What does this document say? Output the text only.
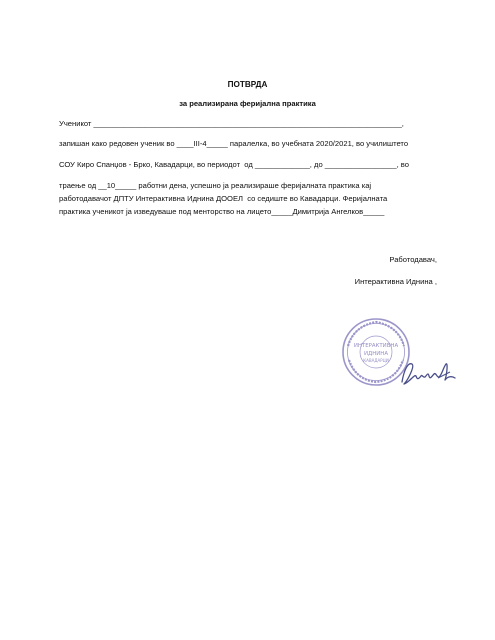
ПОТВРДА

за реализирана феријална практика

Ученикот _________________________________________________________________________,

запишан како редовен ученик во ____III-4_____ паралелка, во учебната 2020/2021, во училиштето

СОУ Киро Спанџов - Брко, Кавадарци, во периодот  од _____________, до _________________, во

траење од __10_____ работни дена, успешно ја реализираше феријалната практика кај

работодавачот ДПТУ Интерактивна Иднина ДООЕЛ  со седиште во Кавадарци. Феријалната

практика ученикот ја изведуваше под менторство на лицето_____Димитрија Ангелков_____

Работодавач,

Интерактивна Иднина ,

ИНТЕРАКТИВНА
ИДНИНА
КАВАДАРЦИ
